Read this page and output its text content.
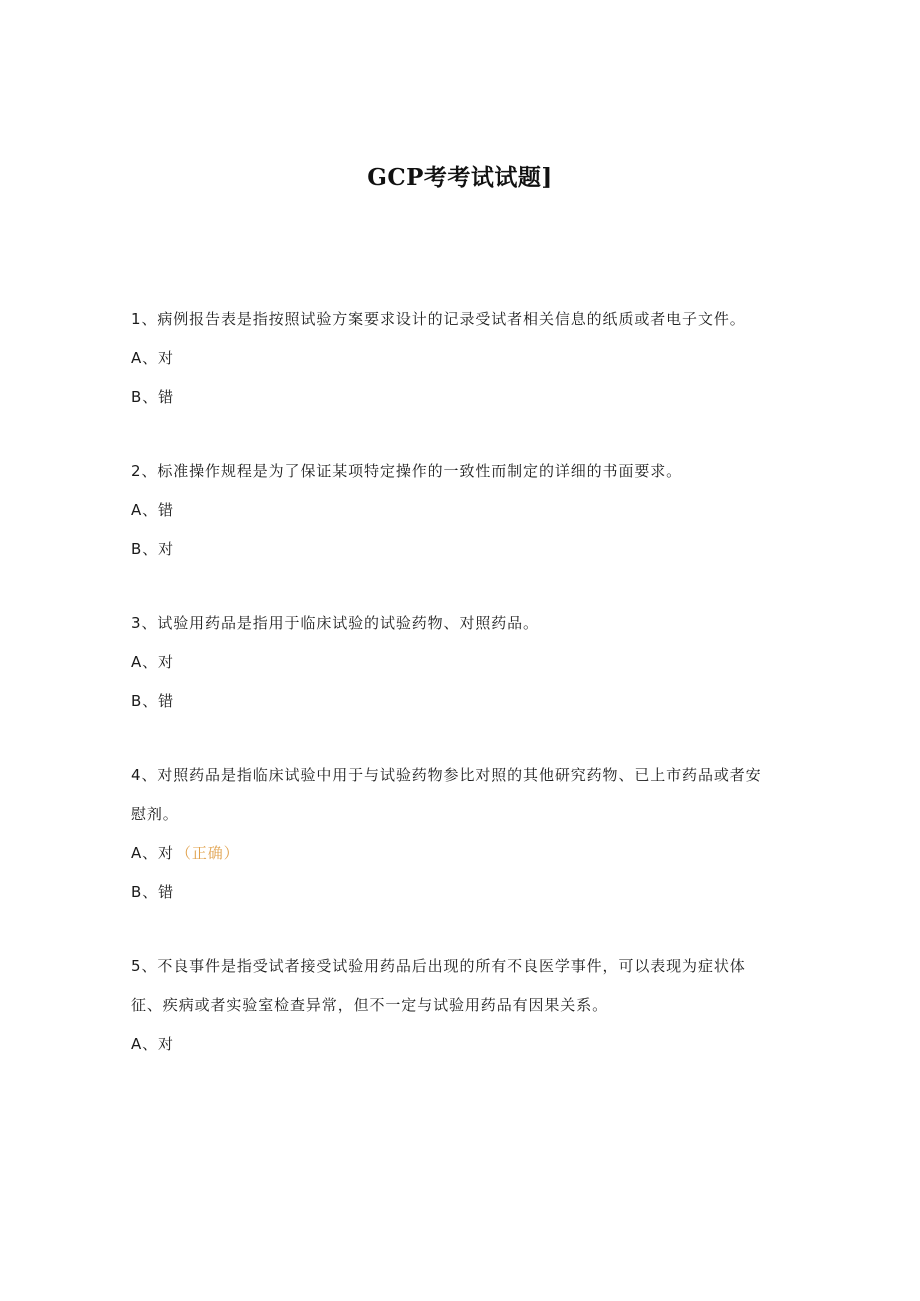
GCP考考试试题]
1、病例报告表是指按照试验方案要求设计的记录受试者相关信息的纸质或者电子文件。
A、对
B、错
2、标准操作规程是为了保证某项特定操作的一致性而制定的详细的书面要求。
A、错
B、对
3、试验用药品是指用于临床试验的试验药物、对照药品。
A、对
B、错
4、对照药品是指临床试验中用于与试验药物参比对照的其他研究药物、已上市药品或者安慰剂。
A、对 （正确）
B、错
5、不良事件是指受试者接受试验用药品后出现的所有不良医学事件，可以表现为症状体征、疾病或者实验室检查异常，但不一定与试验用药品有因果关系。
A、对
